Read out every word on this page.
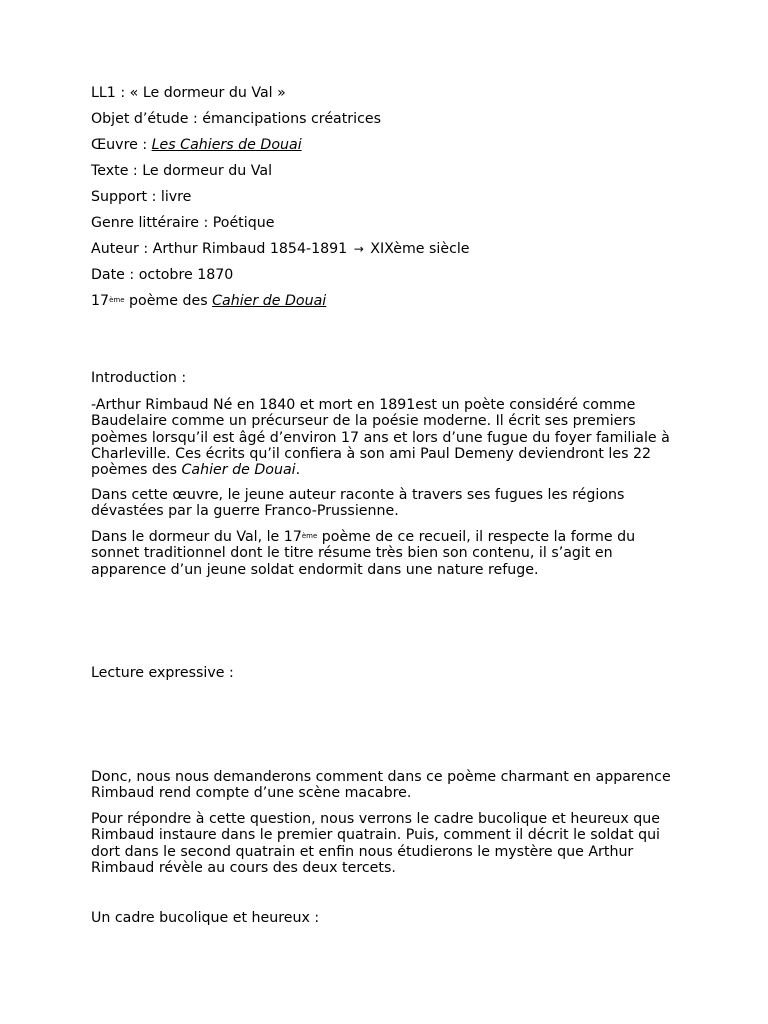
LL1 : « Le dormeur du Val »
Objet d’étude : émancipations créatrices
Œuvre : Les Cahiers de Douai
Texte : Le dormeur du Val
Support : livre
Genre littéraire : Poétique
Auteur : Arthur Rimbaud 1854-1891 → XIXème siècle
Date : octobre 1870
17ème poème des Cahier de Douai
Introduction :
-Arthur Rimbaud Né en 1840 et mort en 1891est un poète considéré comme
Baudelaire comme un précurseur de la poésie moderne. Il écrit ses premiers
poèmes lorsqu’il est âgé d’environ 17 ans et lors d’une fugue du foyer familiale à
Charleville. Ces écrits qu’il confiera à son ami Paul Demeny deviendront les 22
poèmes des Cahier de Douai.
Dans cette œuvre, le jeune auteur raconte à travers ses fugues les régions
dévastées par la guerre Franco-Prussienne.
Dans le dormeur du Val, le 17ème poème de ce recueil, il respecte la forme du
sonnet traditionnel dont le titre résume très bien son contenu, il s’agit en
apparence d’un jeune soldat endormit dans une nature refuge.
Lecture expressive :
Donc, nous nous demanderons comment dans ce poème charmant en apparence
Rimbaud rend compte d’une scène macabre.
Pour répondre à cette question, nous verrons le cadre bucolique et heureux que
Rimbaud instaure dans le premier quatrain. Puis, comment il décrit le soldat qui
dort dans le second quatrain et enfin nous étudierons le mystère que Arthur
Rimbaud révèle au cours des deux tercets.
Un cadre bucolique et heureux :
